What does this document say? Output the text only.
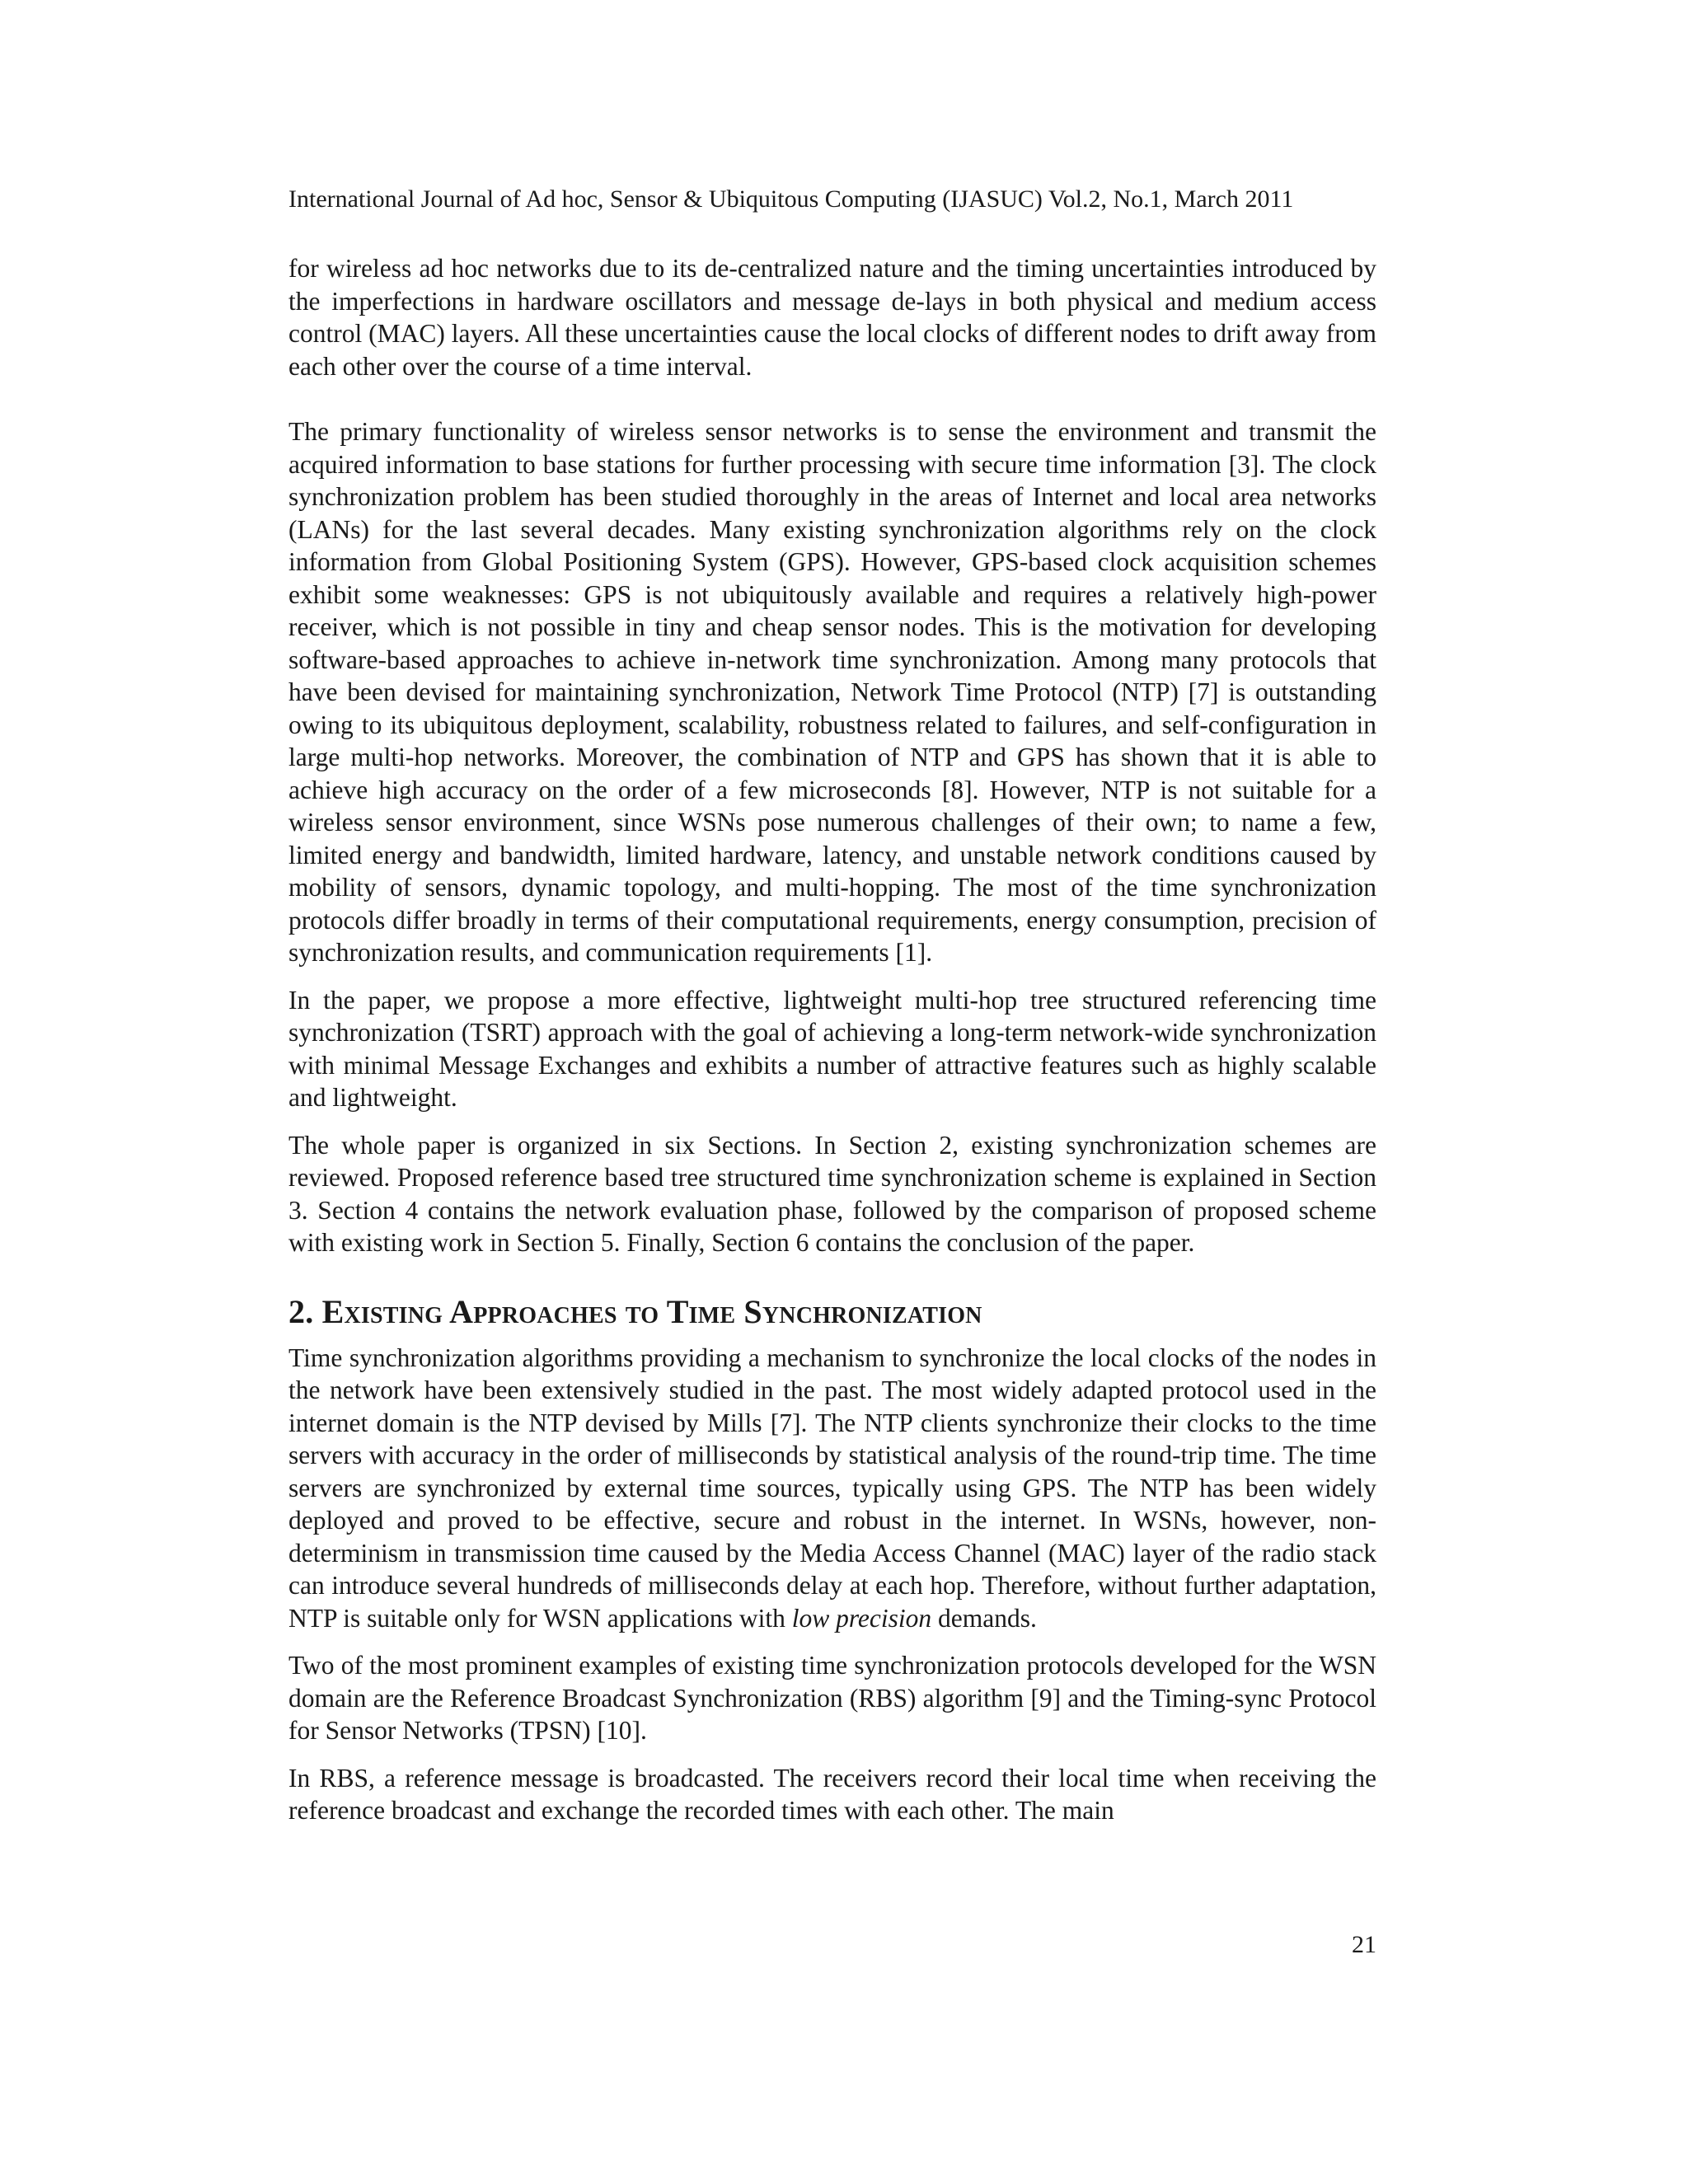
International Journal of Ad hoc, Sensor & Ubiquitous Computing (IJASUC) Vol.2, No.1, March 2011

for wireless ad hoc networks due to its de-centralized nature and the timing uncertainties introduced by the imperfections in hardware oscillators and message de-lays in both physical and medium access control (MAC) layers. All these uncertainties cause the local clocks of different nodes to drift away from each other over the course of a time interval.

The primary functionality of wireless sensor networks is to sense the environment and transmit the acquired information to base stations for further processing with secure time information [3]. The clock synchronization problem has been studied thoroughly in the areas of Internet and local area networks (LANs) for the last several decades. Many existing synchronization algorithms rely on the clock information from Global Positioning System (GPS). However, GPS-based clock acquisition schemes exhibit some weaknesses: GPS is not ubiquitously available and requires a relatively high-power receiver, which is not possible in tiny and cheap sensor nodes. This is the motivation for developing software-based approaches to achieve in-network time synchronization. Among many protocols that have been devised for maintaining synchronization, Network Time Protocol (NTP) [7] is outstanding owing to its ubiquitous deployment, scalability, robustness related to failures, and self-configuration in large multi-hop networks. Moreover, the combination of NTP and GPS has shown that it is able to achieve high accuracy on the order of a few microseconds [8]. However, NTP is not suitable for a wireless sensor environment, since WSNs pose numerous challenges of their own; to name a few, limited energy and bandwidth, limited hardware, latency, and unstable network conditions caused by mobility of sensors, dynamic topology, and multi-hopping. The most of the time synchronization protocols differ broadly in terms of their computational requirements, energy consumption, precision of synchronization results, and communication requirements [1].

In the paper, we propose a more effective, lightweight multi-hop tree structured referencing time synchronization (TSRT) approach with the goal of achieving a long-term network-wide synchronization with minimal Message Exchanges and exhibits a number of attractive features such as highly scalable and lightweight.

The whole paper is organized in six Sections. In Section 2, existing synchronization schemes are reviewed. Proposed reference based tree structured time synchronization scheme is explained in Section 3. Section 4 contains the network evaluation phase, followed by the comparison of proposed scheme with existing work in Section 5. Finally, Section 6 contains the conclusion of the paper.

2. Existing Approaches to Time Synchronization

Time synchronization algorithms providing a mechanism to synchronize the local clocks of the nodes in the network have been extensively studied in the past. The most widely adapted protocol used in the internet domain is the NTP devised by Mills [7]. The NTP clients synchronize their clocks to the time servers with accuracy in the order of milliseconds by statistical analysis of the round-trip time. The time servers are synchronized by external time sources, typically using GPS. The NTP has been widely deployed and proved to be effective, secure and robust in the internet. In WSNs, however, non-determinism in transmission time caused by the Media Access Channel (MAC) layer of the radio stack can introduce several hundreds of milliseconds delay at each hop. Therefore, without further adaptation, NTP is suitable only for WSN applications with low precision demands.

Two of the most prominent examples of existing time synchronization protocols developed for the WSN domain are the Reference Broadcast Synchronization (RBS) algorithm [9] and the Timing-sync Protocol for Sensor Networks (TPSN) [10].

In RBS, a reference message is broadcasted. The receivers record their local time when receiving the reference broadcast and exchange the recorded times with each other. The main

21
